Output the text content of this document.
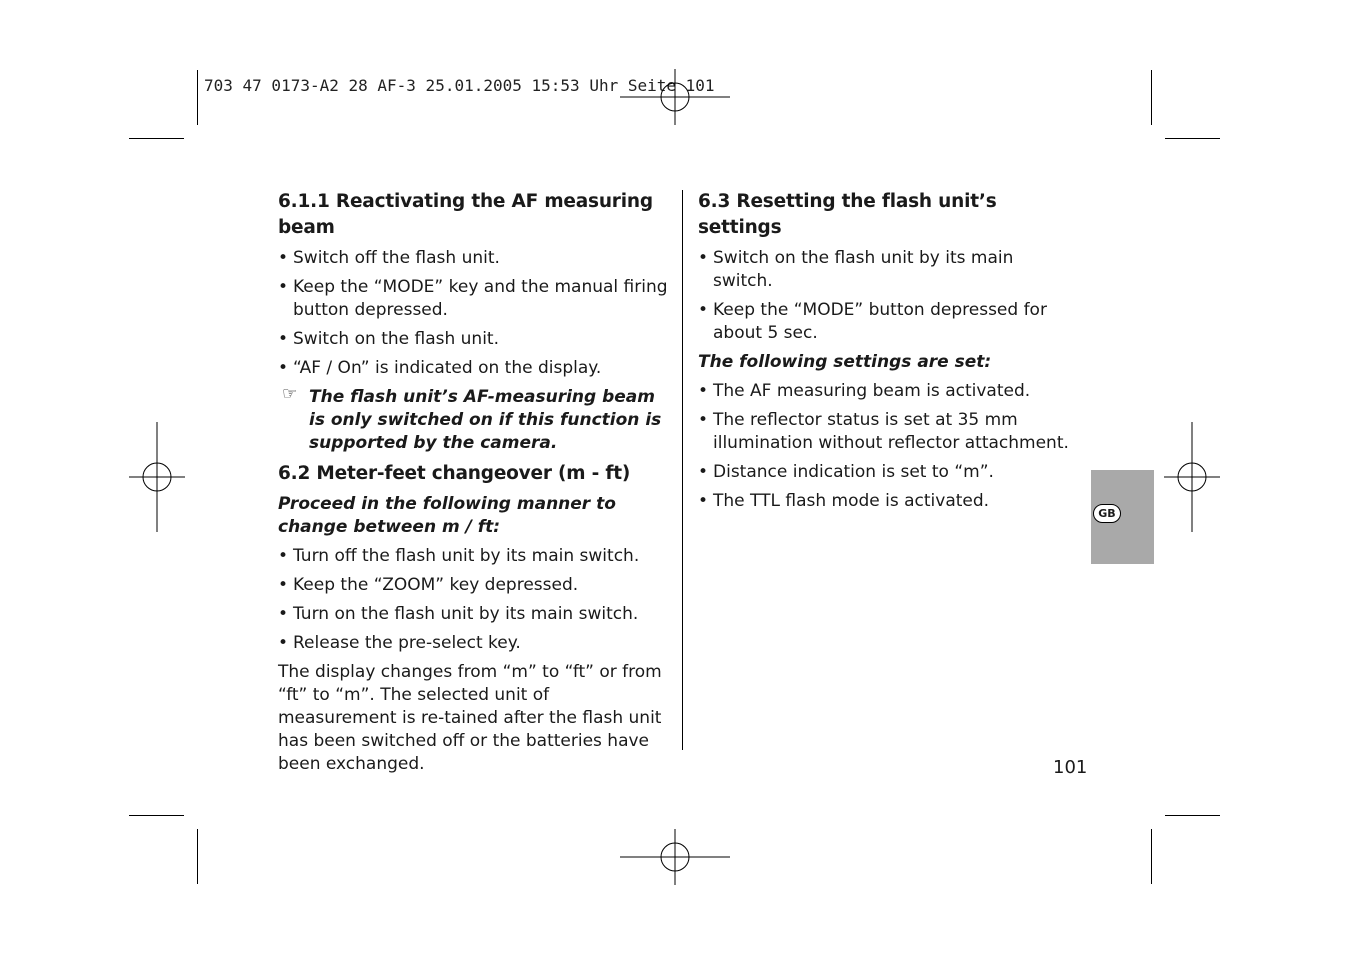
703 47 0173-A2 28 AF-3 25.01.2005 15:53 Uhr Seite 101
6.1.1 Reactivating the AF measuring beam
• Switch off the flash unit.
• Keep the “MODE” key and the manual firing button depressed.
• Switch on the flash unit.
• “AF / On” is indicated on the display.
☞ The flash unit’s AF-measuring beam is only switched on if this function is supported by the camera.
6.2 Meter-feet changeover (m - ft)

Proceed in the following manner to change between m / ft:

• Turn off the flash unit by its main switch.
• Keep the “ZOOM” key depressed.
• Turn on the flash unit by its main switch.
• Release the pre-select key.

The display changes from “m” to “ft” or from “ft” to “m”. The selected unit of measurement is re-tained after the flash unit has been switched off or the batteries have been exchanged.

6.3 Resetting the flash unit’s settings
• Switch on the flash unit by its main switch.
• Keep the “MODE” button depressed for about 5 sec.

The following settings are set:

• The AF measuring beam is activated.
• The reflector status is set at 35 mm illumination without reflector attachment.
• Distance indication is set to “m”.
• The TTL flash mode is activated.
GB
101
